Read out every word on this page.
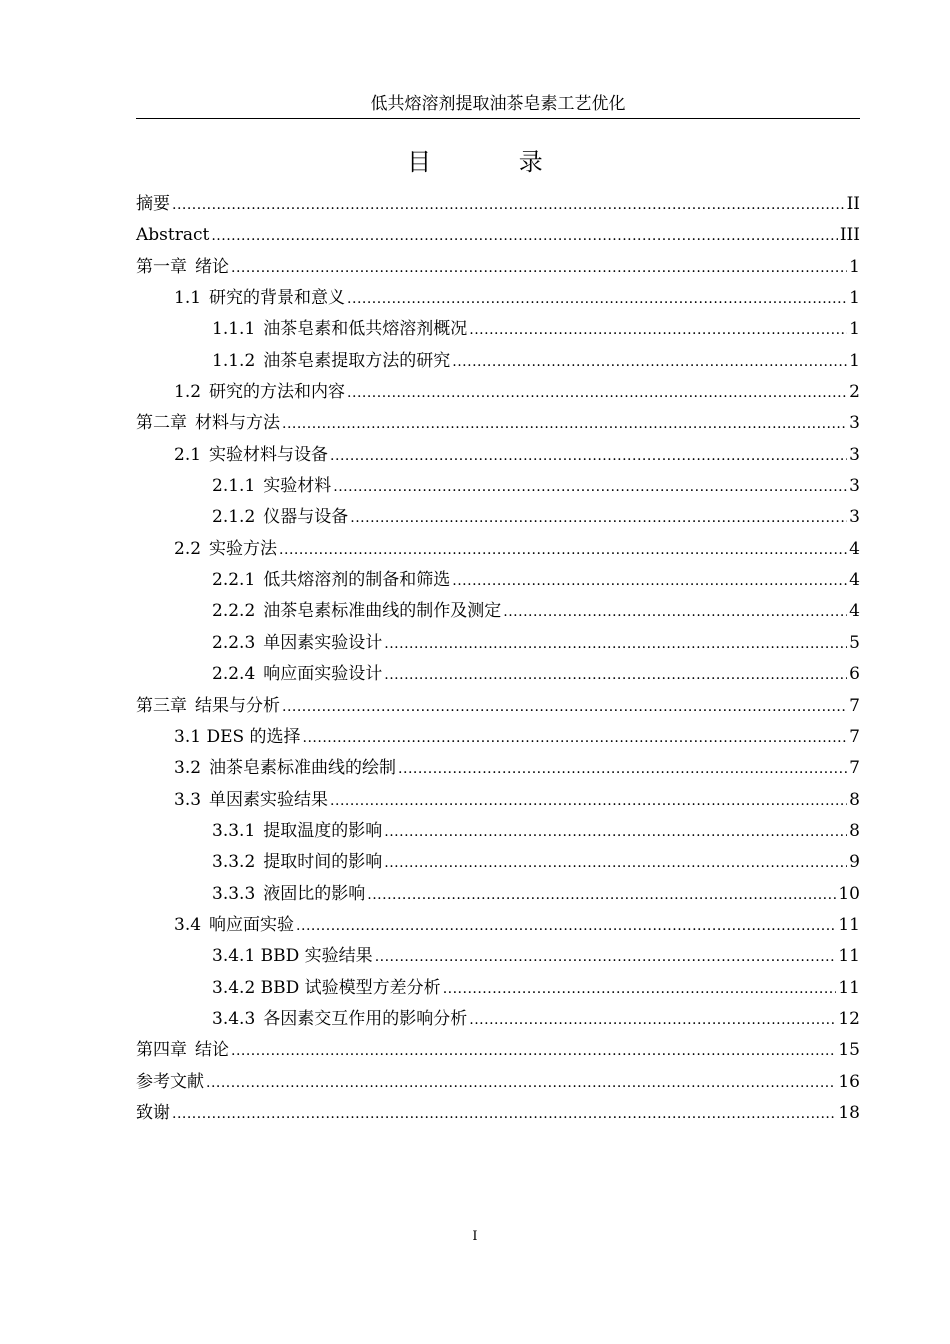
低共熔溶剂提取油茶皂素工艺优化
目 录
摘要 .....	II
Abstract .....	III
第一章 绪论 .....	1
1.1 研究的背景和意义 .....	1
1.1.1 油茶皂素和低共熔溶剂概况 .....	1
1.1.2 油茶皂素提取方法的研究 .....	1
1.2 研究的方法和内容 .....	2
第二章 材料与方法 .....	3
2.1 实验材料与设备 .....	3
2.1.1 实验材料 .....	3
2.1.2 仪器与设备 .....	3
2.2 实验方法 .....	4
2.2.1 低共熔溶剂的制备和筛选 .....	4
2.2.2 油茶皂素标准曲线的制作及测定 .....	4
2.2.3 单因素实验设计 .....	5
2.2.4 响应面实验设计 .....	6
第三章 结果与分析 .....	7
3.1 DES 的选择 .....	7
3.2 油茶皂素标准曲线的绘制 .....	7
3.3 单因素实验结果 .....	8
3.3.1 提取温度的影响 .....	8
3.3.2 提取时间的影响 .....	9
3.3.3 液固比的影响 .....	10
3.4 响应面实验 .....	11
3.4.1 BBD 实验结果 .....	11
3.4.2 BBD 试验模型方差分析 .....	11
3.4.3 各因素交互作用的影响分析 .....	12
第四章 结论 .....	15
参考文献 .....	16
致谢 .....	18
I
